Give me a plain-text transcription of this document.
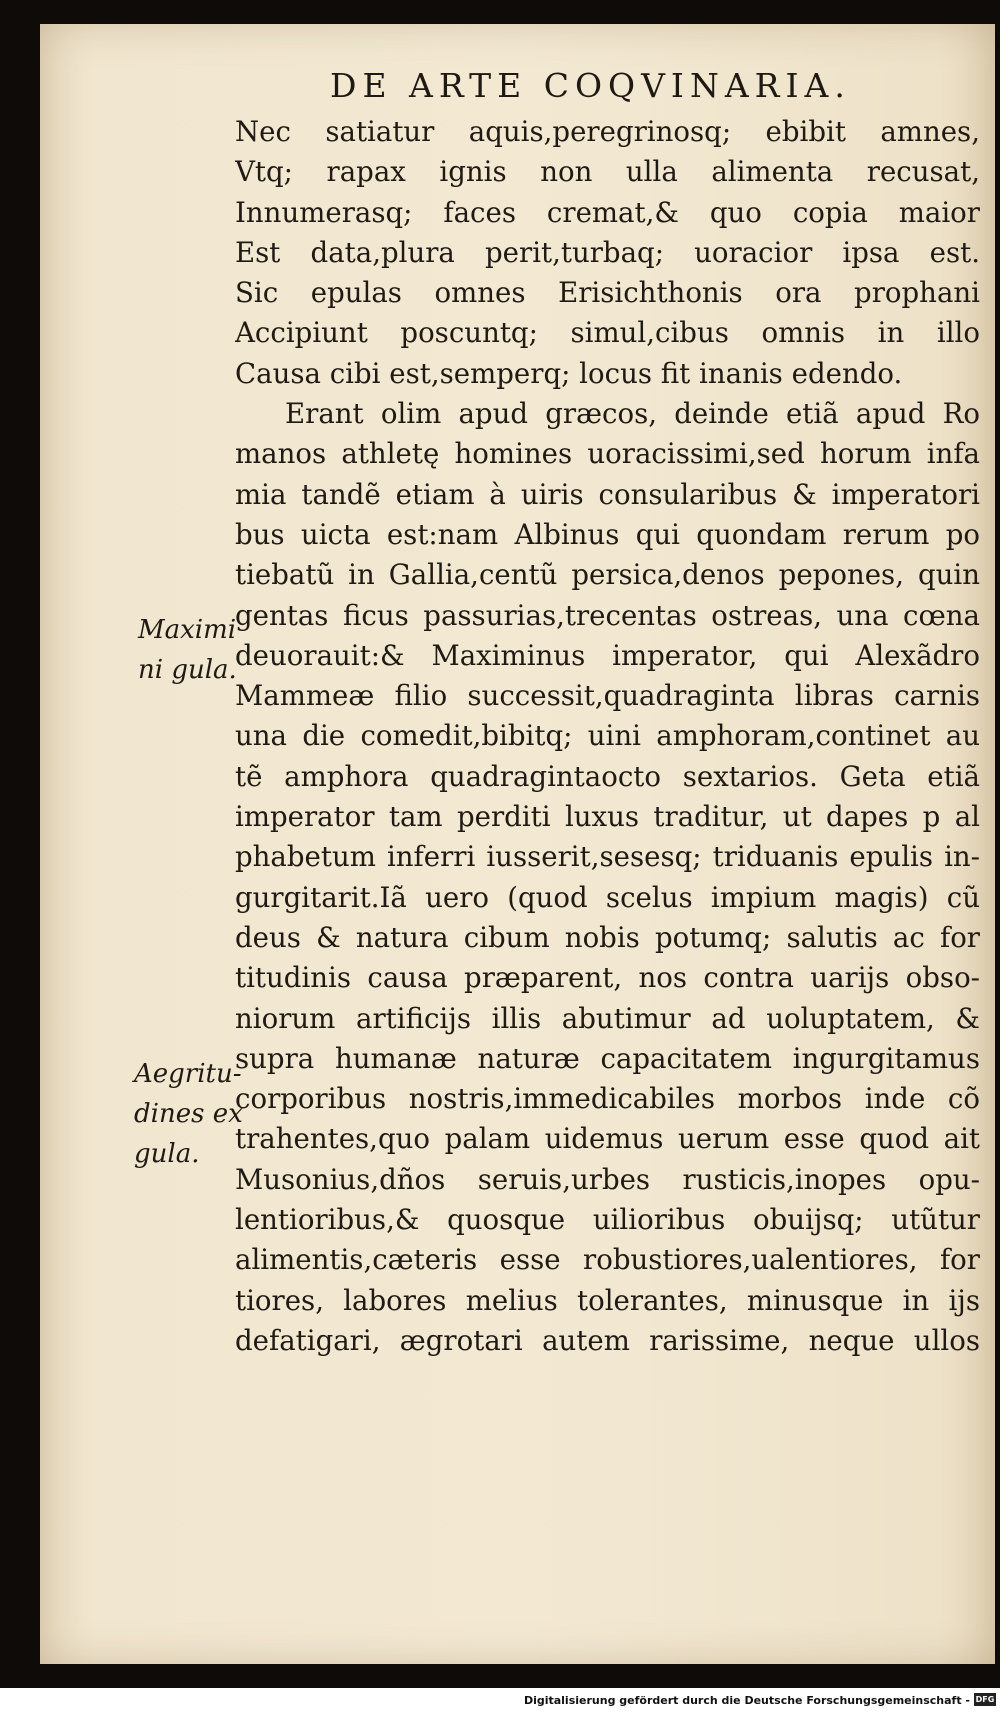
DE ARTE COQVINARIA.
Maximi
ni gula.
Aegritu-
dines ex
gula.
Nec satiatur aquis,peregrinosq; ebibit amnes,
Vtq; rapax ignis non ulla alimenta recusat,
Innumerasq; faces cremat,& quo copia maior
Est data,plura perit,turbaq; uoracior ipsa est.
Sic epulas omnes Erisichthonis ora prophani
Accipiunt poscuntq; simul,cibus omnis in illo
Causa cibi est,semperq; locus fit inanis edendo.
Erant olim apud græcos, deinde etiã apud Ro
manos athletę homines uoracissimi,sed horum infa
mia tandẽ etiam à uiris consularibus & imperatori
bus uicta est:nam Albinus qui quondam rerum po
tiebatũ in Gallia,centũ persica,denos pepones, quin
gentas ficus passurias,trecentas ostreas, una cœna
deuorauit:& Maximinus imperator, qui Alexãdro
Mammeæ filio successit,quadraginta libras carnis
una die comedit,bibitq; uini amphoram,continet au
tẽ amphora quadragintaocto sextarios. Geta etiã
imperator tam perditi luxus traditur, ut dapes p al
phabetum inferri iusserit,sesesq; triduanis epulis in-
gurgitarit.Iã uero (quod scelus impium magis) cũ
deus & natura cibum nobis potumq; salutis ac for
titudinis causa præparent, nos contra uarijs obso-
niorum artificijs illis abutimur ad uoluptatem, &
supra humanæ naturæ capacitatem ingurgitamus
corporibus nostris,immedicabiles morbos inde cõ
trahentes,quo palam uidemus uerum esse quod ait
Musonius,dños seruis,urbes rusticis,inopes opu-
lentioribus,& quosque uilioribus obuijsq; utũtur
alimentis,cæteris esse robustiores,ualentiores, for
tiores, labores melius tolerantes, minusque in ijs
defatigari, ægrotari autem rarissime, neque ullos
Digitalisierung gefördert durch die Deutsche Forschungsgemeinschaft - DFG
